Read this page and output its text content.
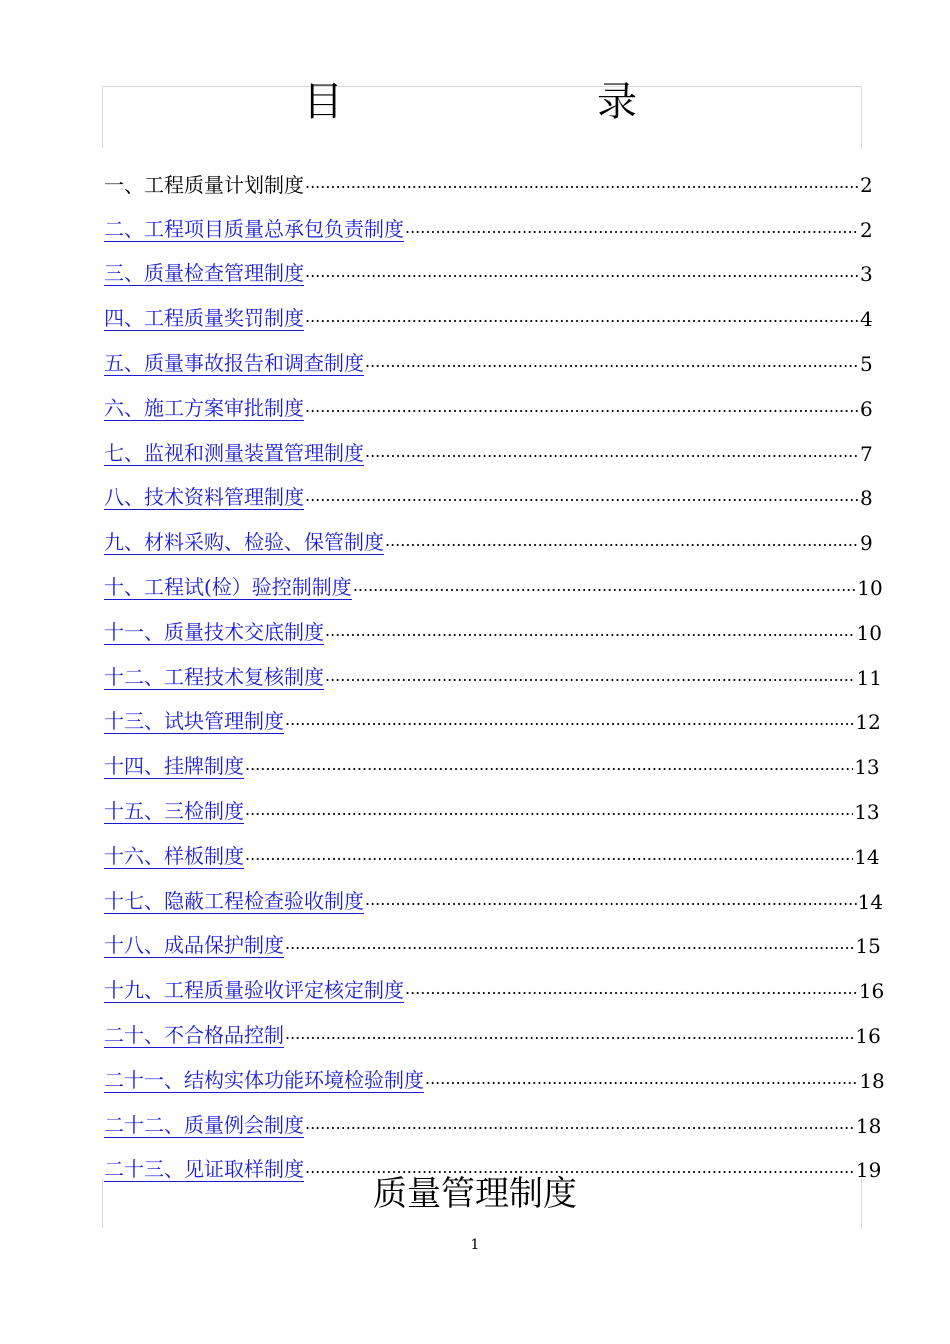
目　　录
一、工程质量计划制度 .....	2
二、工程项目质量总承包负责制度 .....	2
三、质量检查管理制度 .....	3
四、工程质量奖罚制度 .....	4
五、质量事故报告和调查制度 .....	5
六、施工方案审批制度 .....	6
七、监视和测量装置管理制度 .....	7
八、技术资料管理制度 .....	8
九、材料采购、检验、保管制度 .....	9
十、工程试(检）验控制制度 .....	10
十一、质量技术交底制度 .....	10
十二、工程技术复核制度 .....	11
十三、试块管理制度 .....	12
十四、挂牌制度 .....	13
十五、三检制度 .....	13
十六、样板制度 .....	14
十七、隐蔽工程检查验收制度 .....	14
十八、成品保护制度 .....	15
十九、工程质量验收评定核定制度 .....	16
二十、不合格品控制 .....	16
二十一、结构实体功能环境检验制度 .....	18
二十二、质量例会制度 .....	18
二十三、见证取样制度 .....	19
质量管理制度
1
